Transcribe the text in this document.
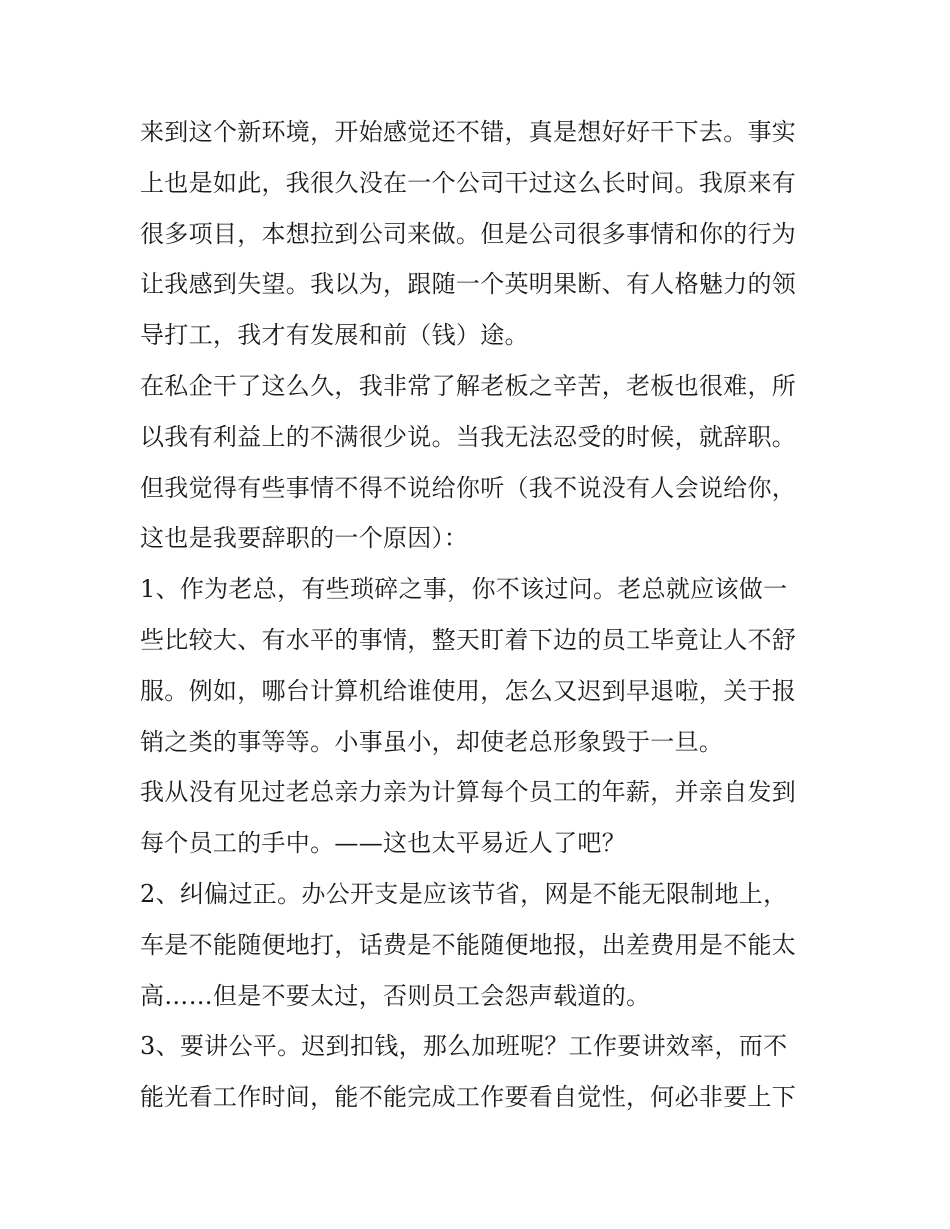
来到这个新环境，开始感觉还不错，真是想好好干下去。事实
上也是如此，我很久没在一个公司干过这么长时间。我原来有
很多项目，本想拉到公司来做。但是公司很多事情和你的行为
让我感到失望。我以为，跟随一个英明果断、有人格魅力的领
导打工，我才有发展和前（钱）途。
在私企干了这么久，我非常了解老板之辛苦，老板也很难，所
以我有利益上的不满很少说。当我无法忍受的时候，就辞职。
但我觉得有些事情不得不说给你听（我不说没有人会说给你，
这也是我要辞职的一个原因）：
1、作为老总，有些琐碎之事，你不该过问。老总就应该做一
些比较大、有水平的事情，整天盯着下边的员工毕竟让人不舒
服。例如，哪台计算机给谁使用，怎么又迟到早退啦，关于报
销之类的事等等。小事虽小，却使老总形象毁于一旦。
我从没有见过老总亲力亲为计算每个员工的年薪，并亲自发到
每个员工的手中。——这也太平易近人了吧？
2、纠偏过正。办公开支是应该节省，网是不能无限制地上，
车是不能随便地打，话费是不能随便地报，出差费用是不能太
高……但是不要太过，否则员工会怨声载道的。
3、要讲公平。迟到扣钱，那么加班呢？工作要讲效率，而不
能光看工作时间，能不能完成工作要看自觉性，何必非要上下
